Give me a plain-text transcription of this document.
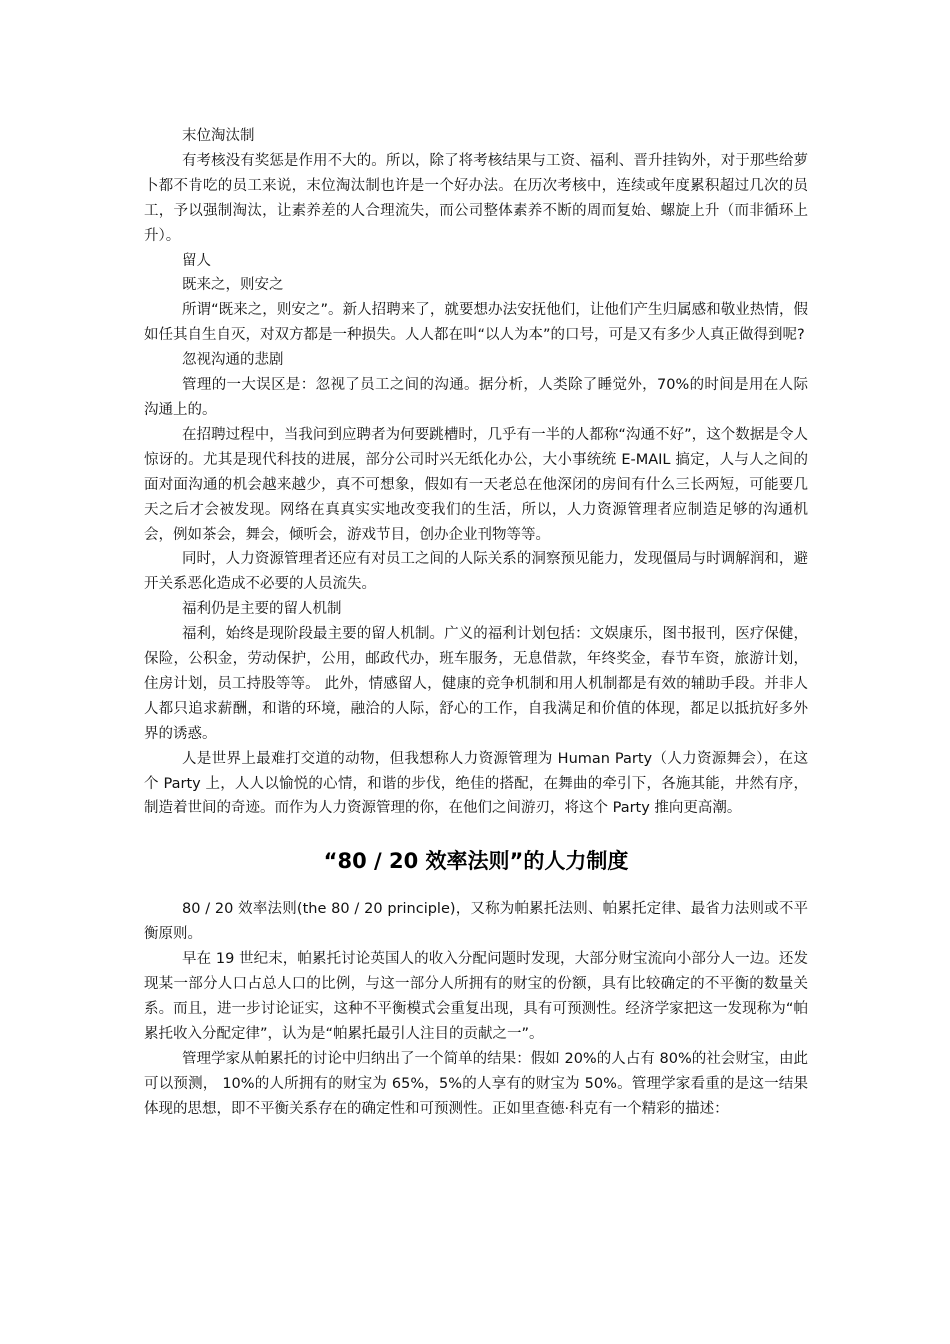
末位淘汰制

有考核没有奖惩是作用不大的。所以，除了将考核结果与工资、福利、晋升挂钩外，对于那些给萝卜都不肯吃的员工来说，末位淘汰制也许是一个好办法。在历次考核中，连续或年度累积超过几次的员工，予以强制淘汰，让素养差的人合理流失，而公司整体素养不断的周而复始、螺旋上升（而非循环上升）。

留人

既来之，则安之

所谓“既来之，则安之”。新人招聘来了，就要想办法安抚他们，让他们产生归属感和敬业热情，假如任其自生自灭，对双方都是一种损失。人人都在叫“以人为本”的口号，可是又有多少人真正做得到呢?

忽视沟通的悲剧

管理的一大误区是：忽视了员工之间的沟通。据分析，人类除了睡觉外，70%的时间是用在人际沟通上的。

在招聘过程中，当我问到应聘者为何要跳槽时，几乎有一半的人都称“沟通不好”，这个数据是令人惊讶的。尤其是现代科技的进展，部分公司时兴无纸化办公，大小事统统 E-MAIL 搞定，人与人之间的面对面沟通的机会越来越少，真不可想象，假如有一天老总在他深闭的房间有什么三长两短，可能要几天之后才会被发现。网络在真真实实地改变我们的生活，所以，人力资源管理者应制造足够的沟通机会，例如茶会，舞会，倾听会，游戏节目，创办企业刊物等等。

同时，人力资源管理者还应有对员工之间的人际关系的洞察预见能力，发现僵局与时调解润和，避开关系恶化造成不必要的人员流失。

福利仍是主要的留人机制

福利，始终是现阶段最主要的留人机制。广义的福利计划包括：文娱康乐，图书报刊，医疗保健，保险，公积金，劳动保护，公用，邮政代办，班车服务，无息借款，年终奖金，春节车资，旅游计划，住房计划，员工持股等等。 此外，情感留人，健康的竞争机制和用人机制都是有效的辅助手段。并非人人都只追求薪酬，和谐的环境，融洽的人际，舒心的工作，自我满足和价值的体现，都足以抵抗好多外界的诱惑。

人是世界上最难打交道的动物，但我想称人力资源管理为 Human Party（人力资源舞会），在这个 Party 上，人人以愉悦的心情，和谐的步伐，绝佳的搭配，在舞曲的牵引下，各施其能，井然有序，制造着世间的奇迹。而作为人力资源管理的你，在他们之间游刃，将这个 Party 推向更高潮。

“80 / 20 效率法则”的人力制度

80 / 20 效率法则(the 80 / 20 principle)，又称为帕累托法则、帕累托定律、最省力法则或不平衡原则。

早在 19 世纪末，帕累托讨论英国人的收入分配问题时发现，大部分财宝流向小部分人一边。还发现某一部分人口占总人口的比例，与这一部分人所拥有的财宝的份额，具有比较确定的不平衡的数量关系。而且，进一步讨论证实，这种不平衡模式会重复出现，具有可预测性。经济学家把这一发现称为“帕累托收入分配定律”，认为是“帕累托最引人注目的贡献之一”。

管理学家从帕累托的讨论中归纳出了一个简单的结果：假如 20%的人占有 80%的社会财宝，由此可以预测， 10%的人所拥有的财宝为 65%，5%的人享有的财宝为 50%。管理学家看重的是这一结果体现的思想，即不平衡关系存在的确定性和可预测性。正如里查德·科克有一个精彩的描述：
